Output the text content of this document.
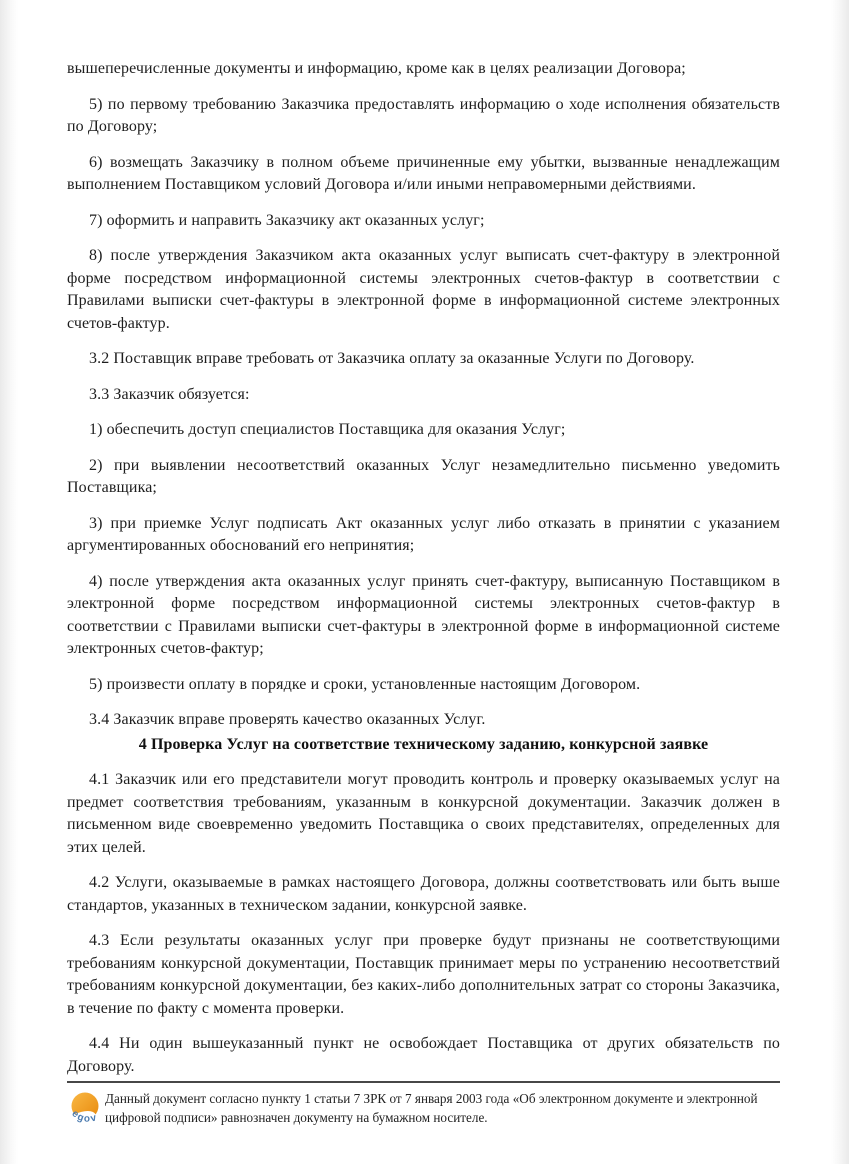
вышеперечисленные документы и информацию, кроме как в целях реализации Договора;

5) по первому требованию Заказчика предоставлять информацию о ходе исполнения обязательств по Договору;

6) возмещать Заказчику в полном объеме причиненные ему убытки, вызванные ненадлежащим выполнением Поставщиком условий Договора и/или иными неправомерными действиями.

7) оформить и направить Заказчику акт оказанных услуг;

8) после утверждения Заказчиком акта оказанных услуг выписать счет-фактуру в электронной форме посредством информационной системы электронных счетов-фактур в соответствии с Правилами выписки счет-фактуры в электронной форме в информационной системе электронных счетов-фактур.

3.2 Поставщик вправе требовать от Заказчика оплату за оказанные Услуги по Договору.

3.3 Заказчик обязуется:

1) обеспечить доступ специалистов Поставщика для оказания Услуг;

2) при выявлении несоответствий оказанных Услуг незамедлительно письменно уведомить Поставщика;

3) при приемке Услуг подписать Акт оказанных услуг либо отказать в принятии с указанием аргументированных обоснований его непринятия;

4) после утверждения акта оказанных услуг принять счет-фактуру, выписанную Поставщиком в электронной форме посредством информационной системы электронных счетов-фактур в соответствии с Правилами выписки счет-фактуры в электронной форме в информационной системе электронных счетов-фактур;

5) произвести оплату в порядке и сроки, установленные настоящим Договором.

3.4 Заказчик вправе проверять качество оказанных Услуг.

4 Проверка Услуг на соответствие техническому заданию, конкурсной заявке

4.1 Заказчик или его представители могут проводить контроль и проверку оказываемых услуг на предмет соответствия требованиям, указанным в конкурсной документации. Заказчик должен в письменном виде своевременно уведомить Поставщика о своих представителях, определенных для этих целей.

4.2 Услуги, оказываемые в рамках настоящего Договора, должны соответствовать или быть выше стандартов, указанных в техническом задании, конкурсной заявке.

4.3 Если результаты оказанных услуг при проверке будут признаны не соответствующими требованиям конкурсной документации, Поставщик принимает меры по устранению несоответствий требованиям конкурсной документации, без каких-либо дополнительных затрат со стороны Заказчика, в течение по факту с момента проверки.

4.4 Ни один вышеуказанный пункт не освобождает Поставщика от других обязательств по Договору.

egov
Данный документ согласно пункту 1 статьи 7 ЗРК от 7 января 2003 года «Об электронном документе и электронной цифровой подписи» равнозначен документу на бумажном носителе.
